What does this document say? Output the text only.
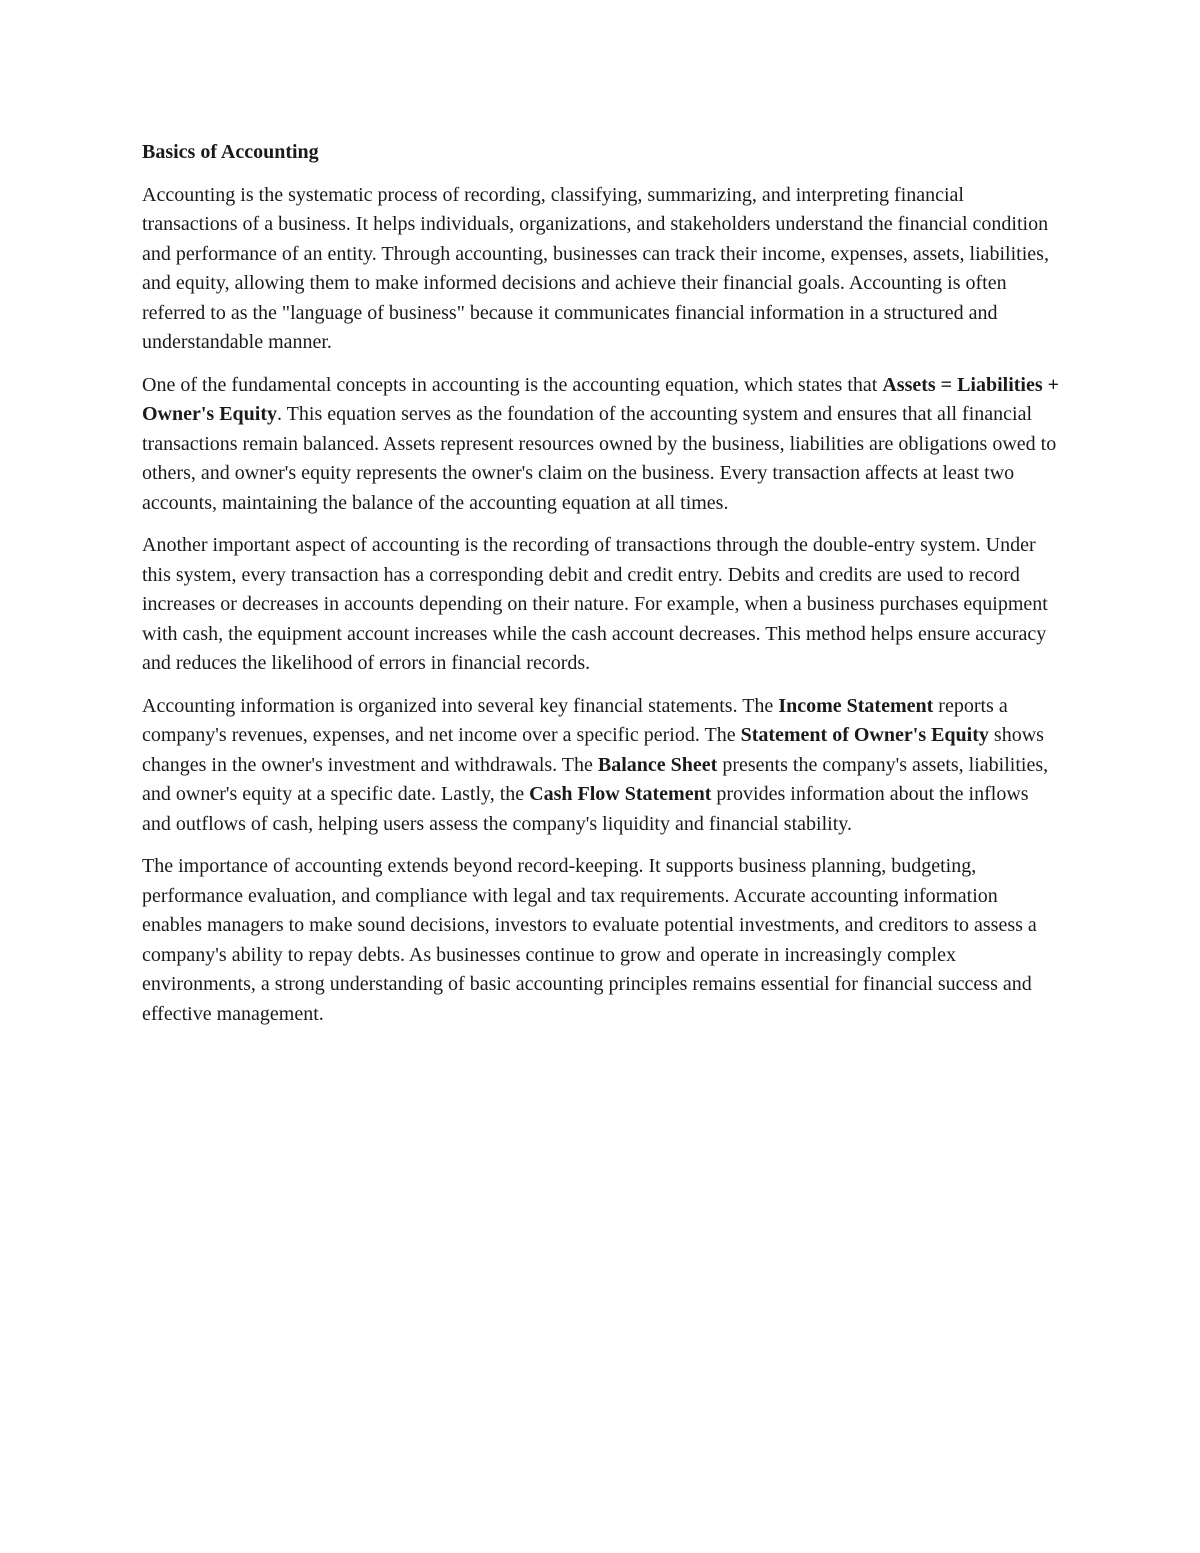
Basics of Accounting

Accounting is the systematic process of recording, classifying, summarizing, and interpreting financial transactions of a business. It helps individuals, organizations, and stakeholders understand the financial condition and performance of an entity. Through accounting, businesses can track their income, expenses, assets, liabilities, and equity, allowing them to make informed decisions and achieve their financial goals. Accounting is often referred to as the "language of business" because it communicates financial information in a structured and understandable manner.

One of the fundamental concepts in accounting is the accounting equation, which states that Assets = Liabilities + Owner's Equity. This equation serves as the foundation of the accounting system and ensures that all financial transactions remain balanced. Assets represent resources owned by the business, liabilities are obligations owed to others, and owner's equity represents the owner's claim on the business. Every transaction affects at least two accounts, maintaining the balance of the accounting equation at all times.

Another important aspect of accounting is the recording of transactions through the double-entry system. Under this system, every transaction has a corresponding debit and credit entry. Debits and credits are used to record increases or decreases in accounts depending on their nature. For example, when a business purchases equipment with cash, the equipment account increases while the cash account decreases. This method helps ensure accuracy and reduces the likelihood of errors in financial records.

Accounting information is organized into several key financial statements. The Income Statement reports a company's revenues, expenses, and net income over a specific period. The Statement of Owner's Equity shows changes in the owner's investment and withdrawals. The Balance Sheet presents the company's assets, liabilities, and owner's equity at a specific date. Lastly, the Cash Flow Statement provides information about the inflows and outflows of cash, helping users assess the company's liquidity and financial stability.

The importance of accounting extends beyond record-keeping. It supports business planning, budgeting, performance evaluation, and compliance with legal and tax requirements. Accurate accounting information enables managers to make sound decisions, investors to evaluate potential investments, and creditors to assess a company's ability to repay debts. As businesses continue to grow and operate in increasingly complex environments, a strong understanding of basic accounting principles remains essential for financial success and effective management.
